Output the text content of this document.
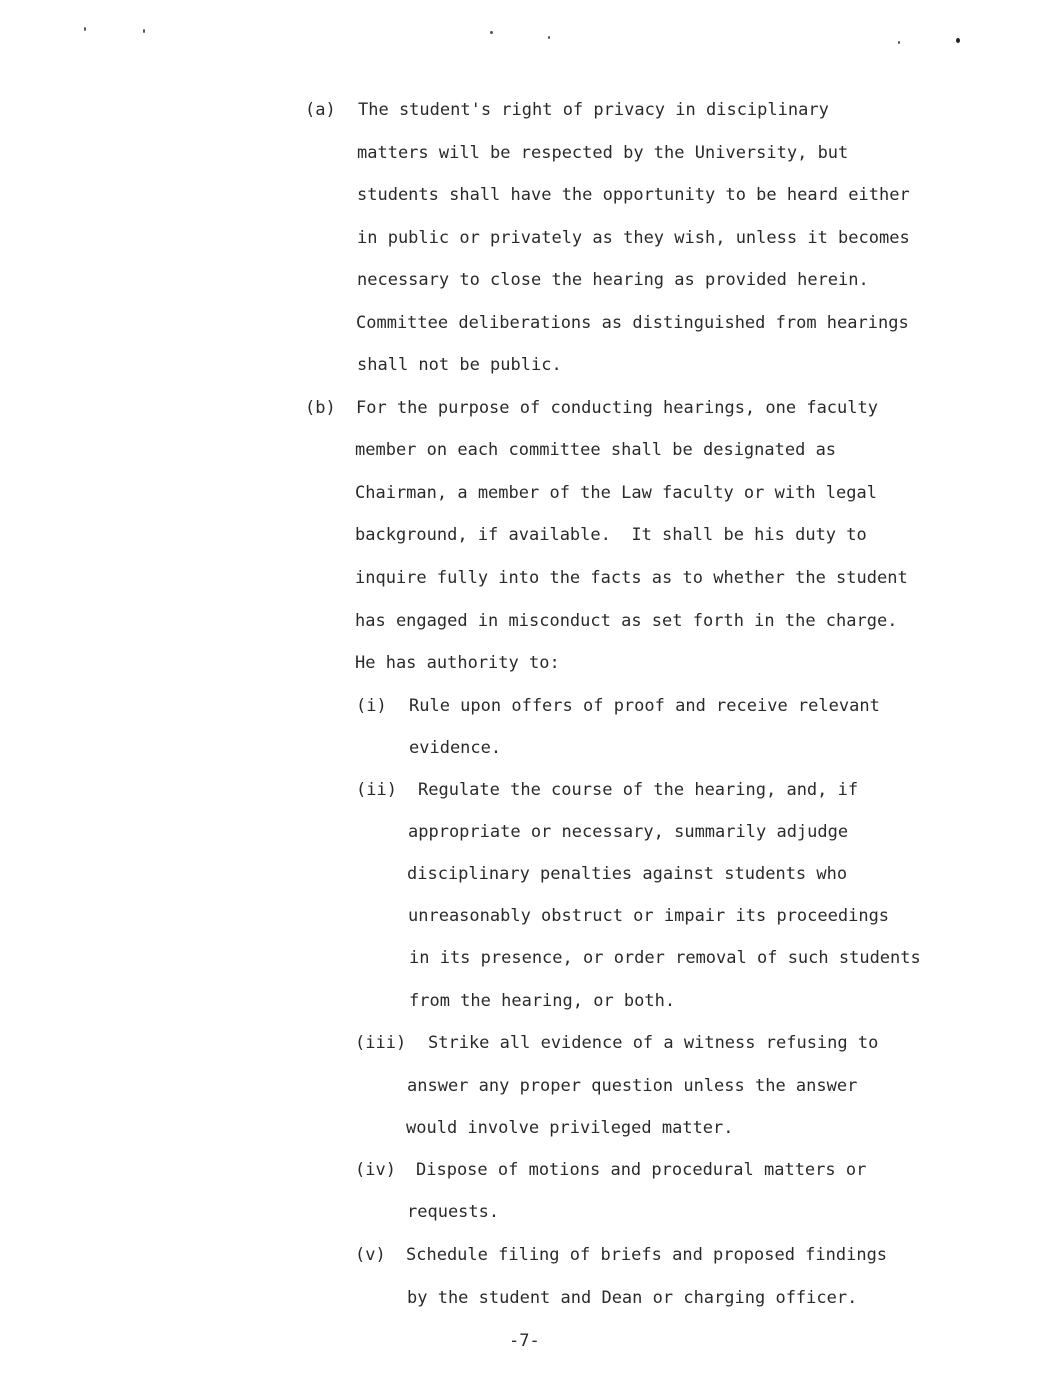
(a) The student's right of privacy in disciplinary
matters will be respected by the University, but
students shall have the opportunity to be heard either
in public or privately as they wish, unless it becomes
necessary to close the hearing as provided herein.
Committee deliberations as distinguished from hearings
shall not be public.
(b) For the purpose of conducting hearings, one faculty
member on each committee shall be designated as
Chairman, a member of the Law faculty or with legal
background, if available.  It shall be his duty to
inquire fully into the facts as to whether the student
has engaged in misconduct as set forth in the charge.
He has authority to:
(i) Rule upon offers of proof and receive relevant
evidence.
(ii) Regulate the course of the hearing, and, if
appropriate or necessary, summarily adjudge
disciplinary penalties against students who
unreasonably obstruct or impair its proceedings
in its presence, or order removal of such students
from the hearing, or both.
(iii) Strike all evidence of a witness refusing to
answer any proper question unless the answer
would involve privileged matter.
(iv) Dispose of motions and procedural matters or
requests.
(v) Schedule filing of briefs and proposed findings
by the student and Dean or charging officer.
-7-
